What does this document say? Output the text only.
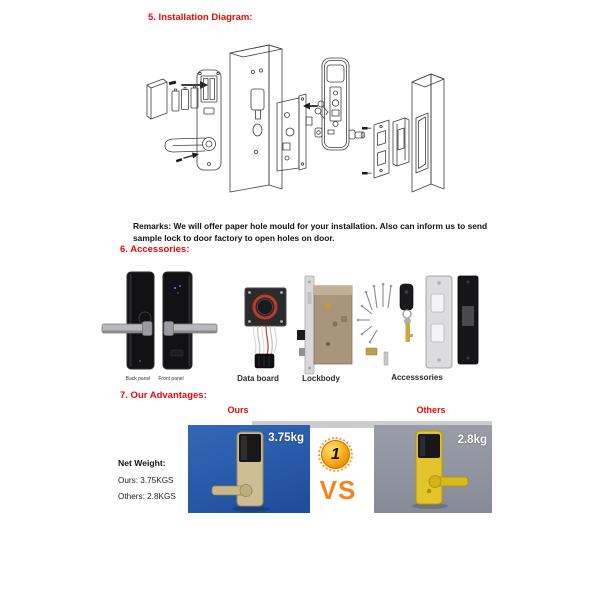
5. Installation Diagram:
Remarks: We will offer paper hole mould for your installation. Also can inform us to send
sample lock to door factory to open holes on door.
6. Accessories:
Back panel	Front panel	Data board	Lockbody	Accesssories
7. Our Advantages:
Ours	Others
Net Weight:
Ours: 3.75KGS
Others: 2.8KGS
3.75kg
1
VS
2.8kg
